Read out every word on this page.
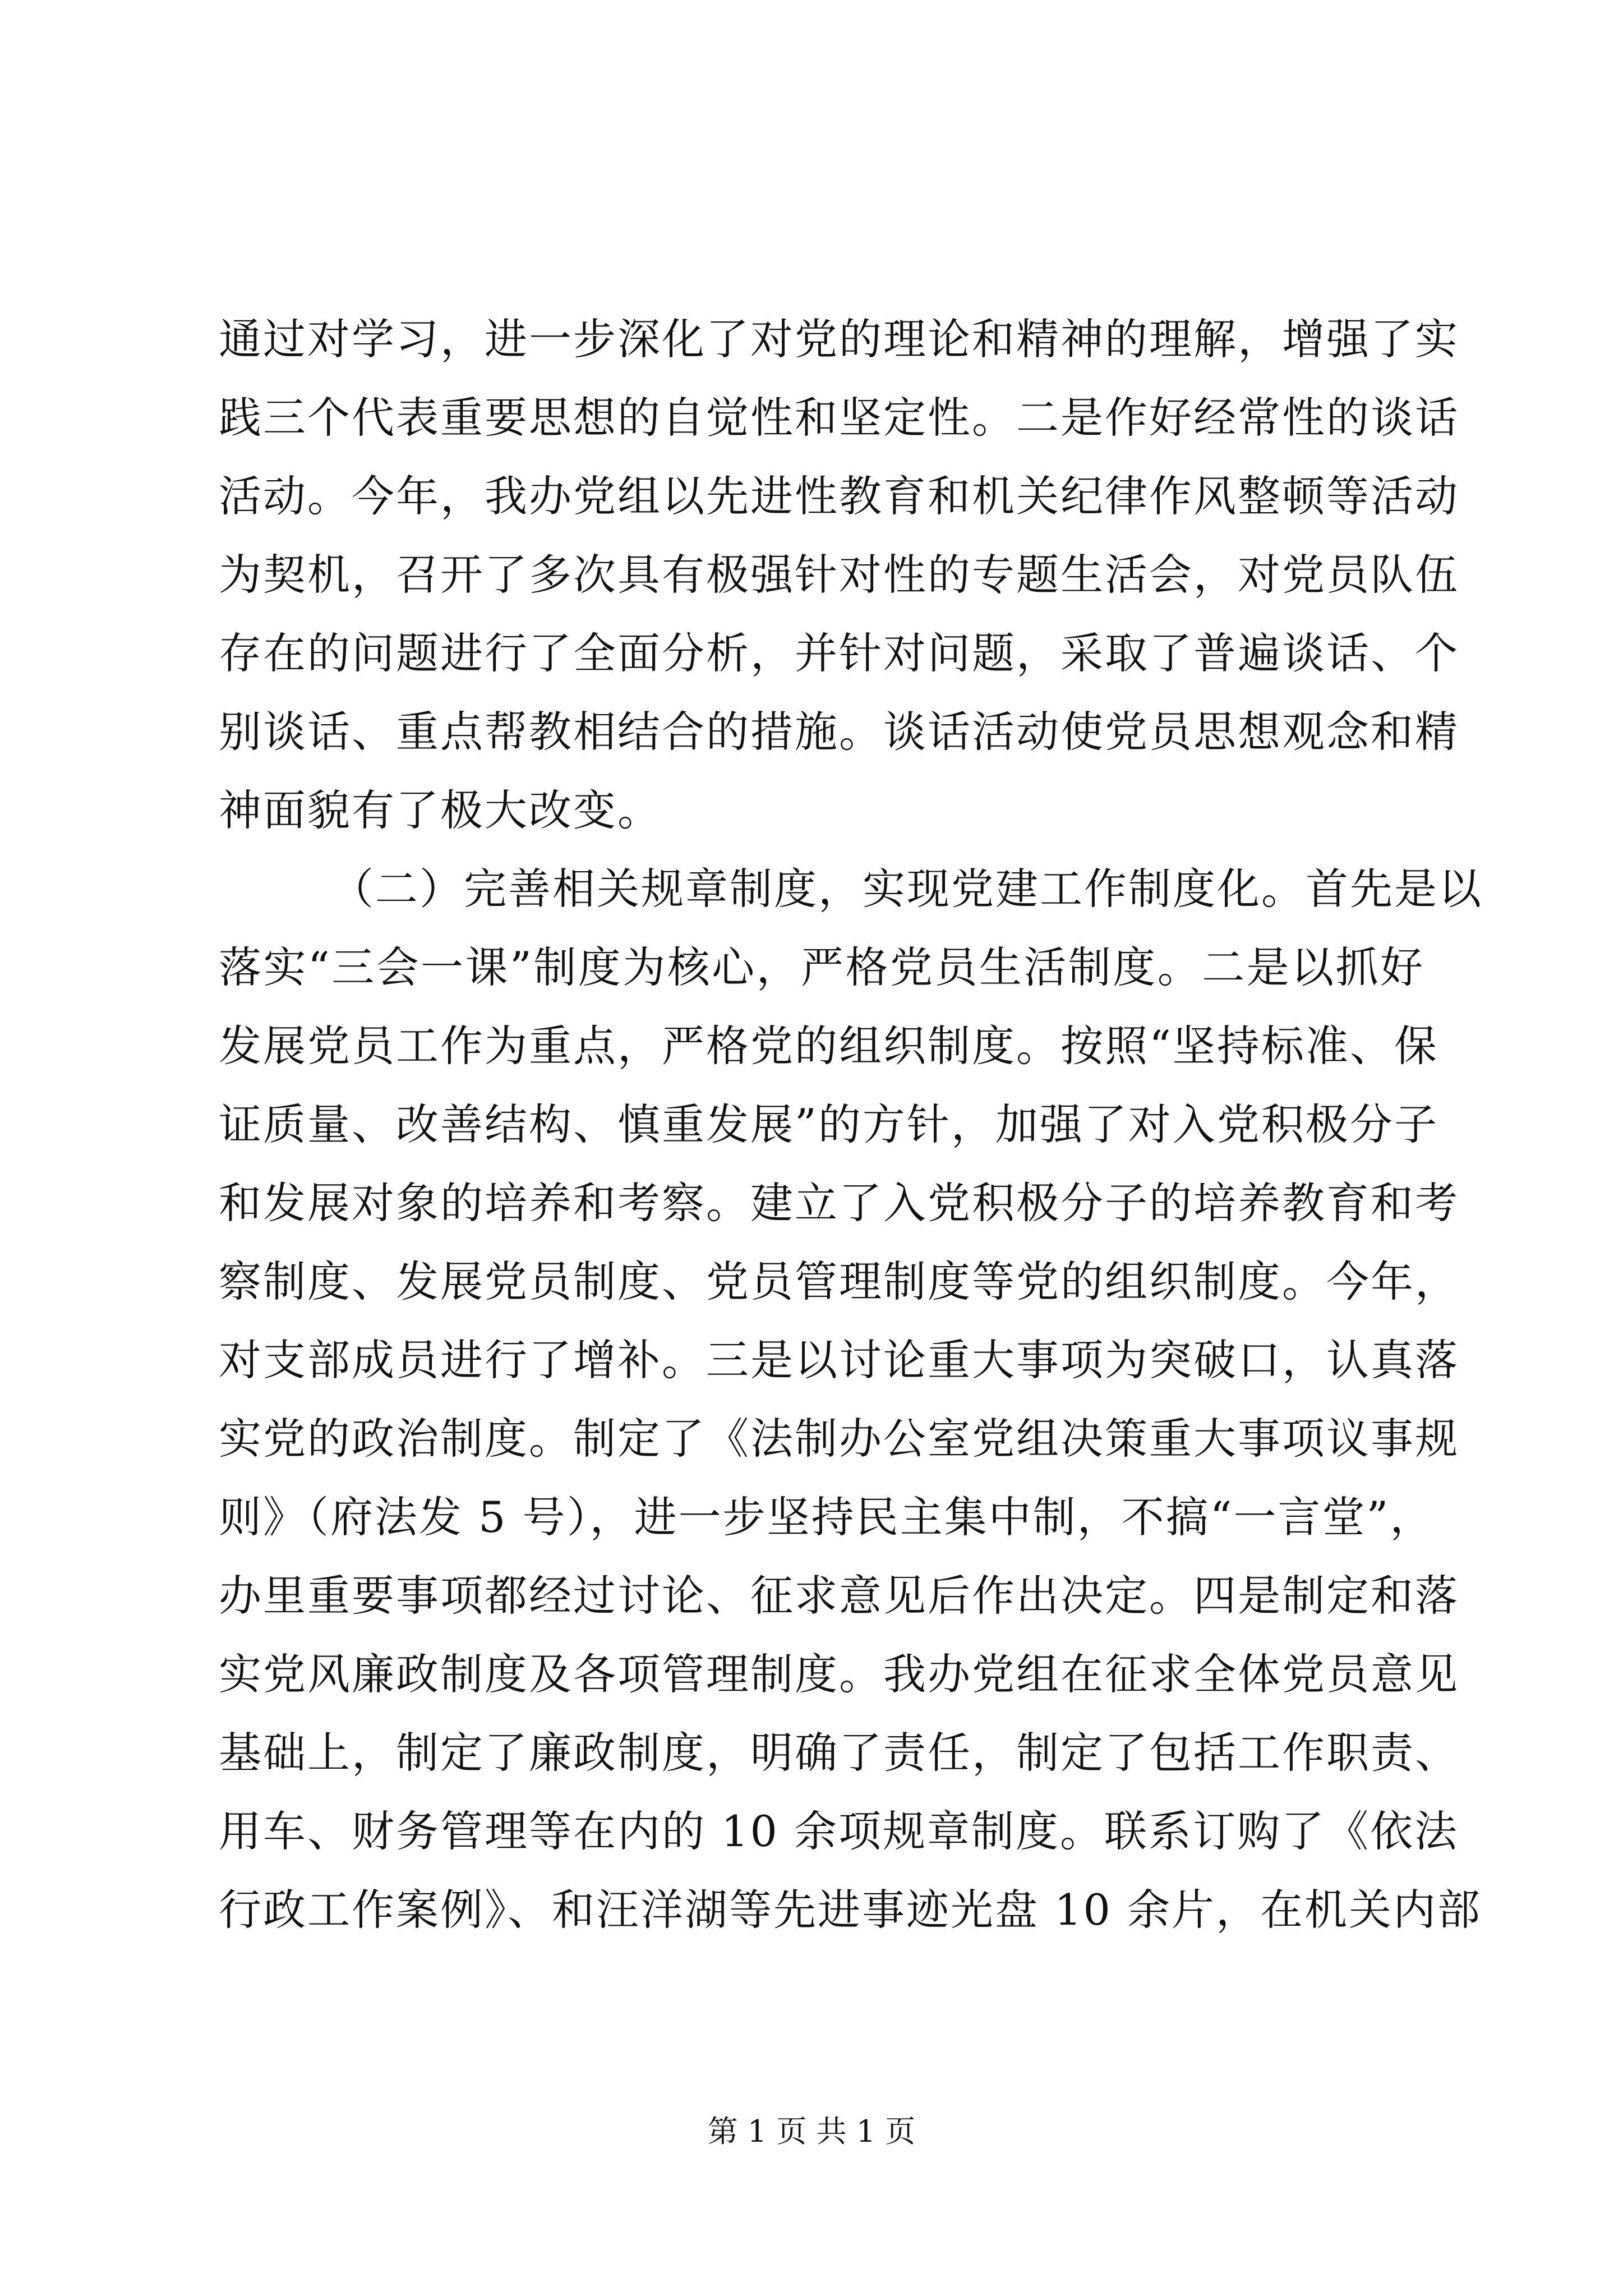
通过对学习，进一步深化了对党的理论和精神的理解，增强了实
践三个代表重要思想的自觉性和坚定性。二是作好经常性的谈话
活动。今年，我办党组以先进性教育和机关纪律作风整顿等活动
为契机，召开了多次具有极强针对性的专题生活会，对党员队伍
存在的问题进行了全面分析，并针对问题，采取了普遍谈话、个
别谈话、重点帮教相结合的措施。谈话活动使党员思想观念和精
神面貌有了极大改变。
（二）完善相关规章制度，实现党建工作制度化。首先是以
落实“三会一课”制度为核心，严格党员生活制度。二是以抓好
发展党员工作为重点，严格党的组织制度。按照“坚持标准、保
证质量、改善结构、慎重发展”的方针，加强了对入党积极分子
和发展对象的培养和考察。建立了入党积极分子的培养教育和考
察制度、发展党员制度、党员管理制度等党的组织制度。今年，
对支部成员进行了增补。三是以讨论重大事项为突破口，认真落
实党的政治制度。制定了《法制办公室党组决策重大事项议事规
则》（府法发 5 号），进一步坚持民主集中制，不搞“一言堂”，
办里重要事项都经过讨论、征求意见后作出决定。四是制定和落
实党风廉政制度及各项管理制度。我办党组在征求全体党员意见
基础上，制定了廉政制度，明确了责任，制定了包括工作职责、
用车、财务管理等在内的 10 余项规章制度。联系订购了《依法
行政工作案例》、和汪洋湖等先进事迹光盘 10 余片，在机关内部
第 1 页 共 1 页
